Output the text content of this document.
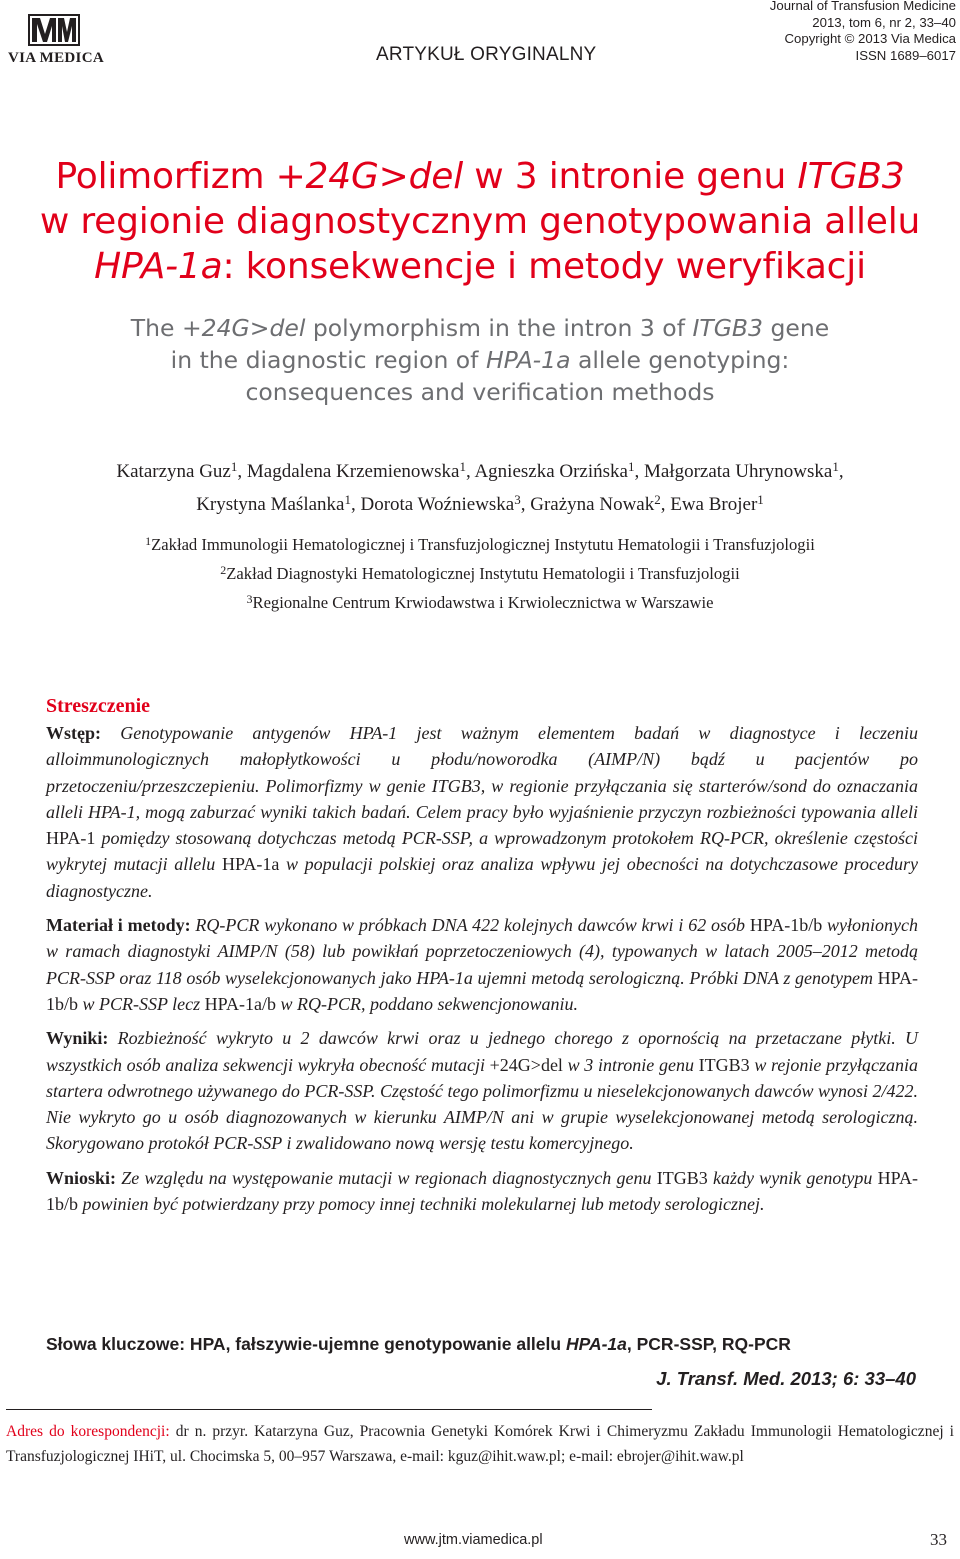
VIA MEDICA	ARTYKUŁ ORYGINALNY
Journal of Transfusion Medicine
2013, tom 6, nr 2, 33–40
Copyright © 2013 Via Medica
ISSN 1689–6017
Polimorfizm +24G>del w 3 intronie genu ITGB3
w regionie diagnostycznym genotypowania allelu
HPA-1a: konsekwencje i metody weryfikacji
The +24G>del polymorphism in the intron 3 of ITGB3 gene
in the diagnostic region of HPA-1a allele genotyping:
consequences and verification methods
Katarzyna Guz$^1$, Magdalena Krzemienowska$^1$, Agnieszka Orzińska$^1$, Małgorzata Uhrynowska$^1$,
Krystyna Maślanka$^1$, Dorota Woźniewska$^3$, Grażyna Nowak$^2$, Ewa Brojer$^1$
$^1$Zakład Immunologii Hematologicznej i Transfuzjologicznej Instytutu Hematologii i Transfuzjologii
$^2$Zakład Diagnostyki Hematologicznej Instytutu Hematologii i Transfuzjologii
$^3$Regionalne Centrum Krwiodawstwa i Krwiolecznictwa w Warszawie
Streszczenie

Wstęp: Genotypowanie antygenów HPA-1 jest ważnym elementem badań w diagnostyce i leczeniu alloimmunologicznych małopłytkowości u płodu/noworodka (AIMP/N) bądź u pacjentów po przetoczeniu/przeszczepieniu. Polimorfizmy w genie ITGB3, w regionie przyłączania się starterów/sond do oznaczania alleli HPA-1, mogą zaburzać wyniki takich badań. Celem pracy było wyjaśnienie przyczyn rozbieżności typowania alleli HPA-1 pomiędzy stosowaną dotychczas metodą PCR-SSP, a wprowadzonym protokołem RQ-PCR, określenie częstości wykrytej mutacji allelu HPA-1a w populacji polskiej oraz analiza wpływu jej obecności na dotychczasowe procedury diagnostyczne.

Materiał i metody: RQ-PCR wykonano w próbkach DNA 422 kolejnych dawców krwi i 62 osób HPA-1b/b wyłonionych w ramach diagnostyki AIMP/N (58) lub powikłań poprzetoczeniowych (4), typowanych w latach 2005–2012 metodą PCR-SSP oraz 118 osób wyselekcjonowanych jako HPA-1a ujemni metodą serologiczną. Próbki DNA z genotypem HPA-1b/b w PCR-SSP lecz HPA-1a/b w RQ-PCR, poddano sekwencjonowaniu.

Wyniki: Rozbieżność wykryto u 2 dawców krwi oraz u jednego chorego z opornością na przetaczane płytki. U wszystkich osób analiza sekwencji wykryła obecność mutacji +24G>del w 3 intronie genu ITGB3 w rejonie przyłączania startera odwrotnego używanego do PCR-SSP. Częstość tego polimorfizmu u nieselekcjonowanych dawców wynosi 2/422. Nie wykryto go u osób diagnozowanych w kierunku AIMP/N ani w grupie wyselekcjonowanej metodą serologiczną. Skorygowano protokół PCR-SSP i zwalidowano nową wersję testu komercyjnego.

Wnioski: Ze względu na występowanie mutacji w regionach diagnostycznych genu ITGB3 każdy wynik genotypu HPA-1b/b powinien być potwierdzany przy pomocy innej techniki molekularnej lub metody serologicznej.

Słowa kluczowe: HPA, fałszywie-ujemne genotypowanie allelu HPA-1a, PCR-SSP, RQ-PCR
J. Transf. Med. 2013; 6: 33–40
Adres do korespondencji: dr n. przyr. Katarzyna Guz, Pracownia Genetyki Komórek Krwi i Chimeryzmu Zakładu Immunologii Hematologicznej i Transfuzjologicznej IHiT, ul. Chocimska 5, 00–957 Warszawa, e-mail: kguz@ihit.waw.pl; e-mail: ebrojer@ihit.waw.pl
www.jtm.viamedica.pl	33
